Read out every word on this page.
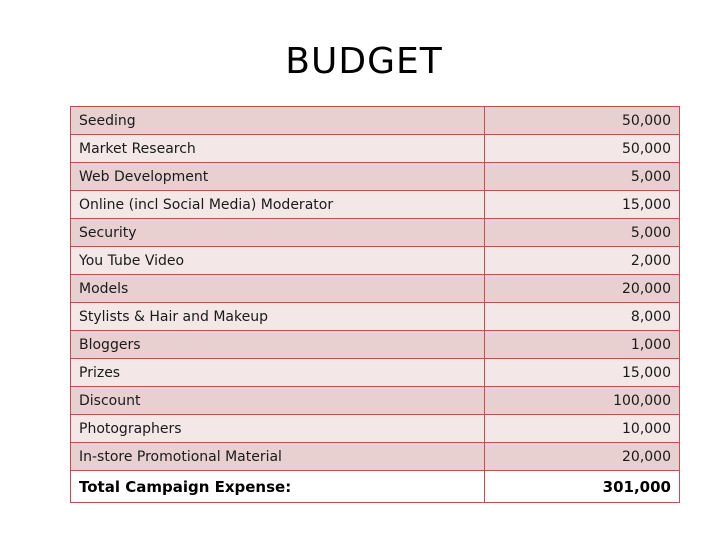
BUDGET
Seeding	50,000
Market Research	50,000
Web Development	5,000
Online (incl Social Media) Moderator	15,000
Security	5,000
You Tube Video	2,000
Models	20,000
Stylists & Hair and Makeup	8,000
Bloggers	1,000
Prizes	15,000
Discount	100,000
Photographers	10,000
In-store Promotional Material	20,000
Total Campaign Expense:	301,000
